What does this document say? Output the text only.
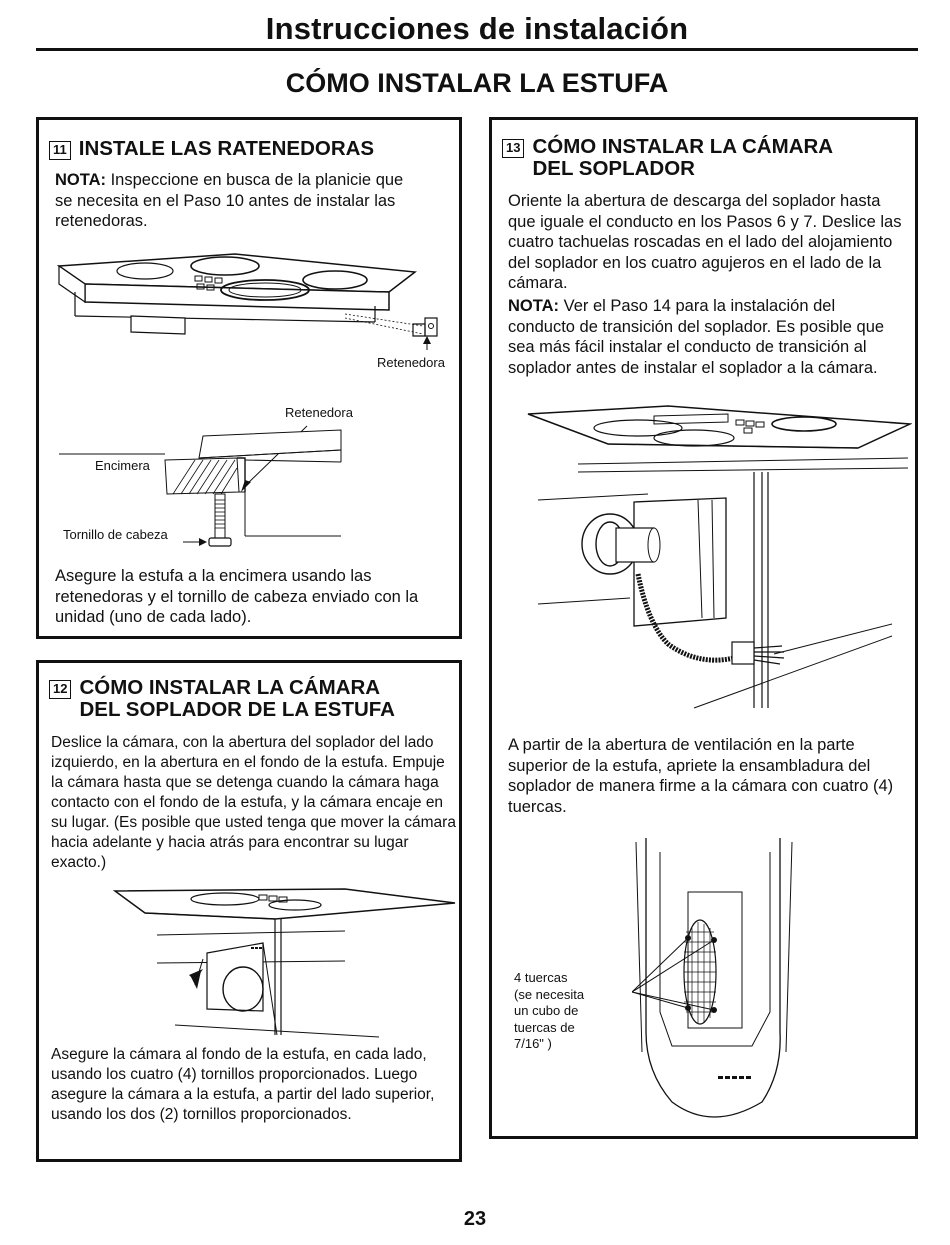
Instrucciones de instalación
CÓMO INSTALAR LA ESTUFA
11 INSTALE LAS RATENEDORAS
NOTA: Inspeccione en busca de la planicie que se necesita en el Paso 10 antes de instalar las retenedoras.
Retenedora
Retenedora
Encimera
Tornillo de cabeza
Asegure la estufa a la encimera usando las retenedoras y el tornillo de cabeza enviado con la unidad (uno de cada lado).
12 CÓMO INSTALAR LA CÁMARA
DEL SOPLADOR DE LA ESTUFA
Deslice la cámara, con la abertura del soplador del lado izquierdo, en la abertura en el fondo de la estufa. Empuje la cámara hasta que se detenga cuando la cámara haga contacto con el fondo de la estufa, y la cámara encaje en su lugar. (Es posible que usted tenga que mover la cámara hacia adelante y hacia atrás para encontrar su lugar exacto.)
Asegure la cámara al fondo de la estufa, en cada lado, usando los cuatro (4) tornillos proporcionados. Luego asegure la cámara a la estufa, a partir del lado superior, usando los dos (2) tornillos proporcionados.
13 CÓMO INSTALAR LA CÁMARA
DEL SOPLADOR
Oriente la abertura de descarga del soplador hasta que iguale el conducto en los Pasos 6 y 7. Deslice las cuatro tachuelas roscadas en el lado del alojamiento del soplador en los cuatro agujeros en el lado de la cámara.
NOTA: Ver el Paso 14 para la instalación del conducto de transición del soplador. Es posible que sea más fácil instalar el conducto de transición al soplador antes de instalar el soplador a la cámara.
A partir de la abertura de ventilación en la parte superior de la estufa, apriete la ensambladura del soplador de manera firme a la cámara con cuatro (4) tuercas.
4 tuercas
(se necesita
un cubo de
tuercas de
7/16" )
23
